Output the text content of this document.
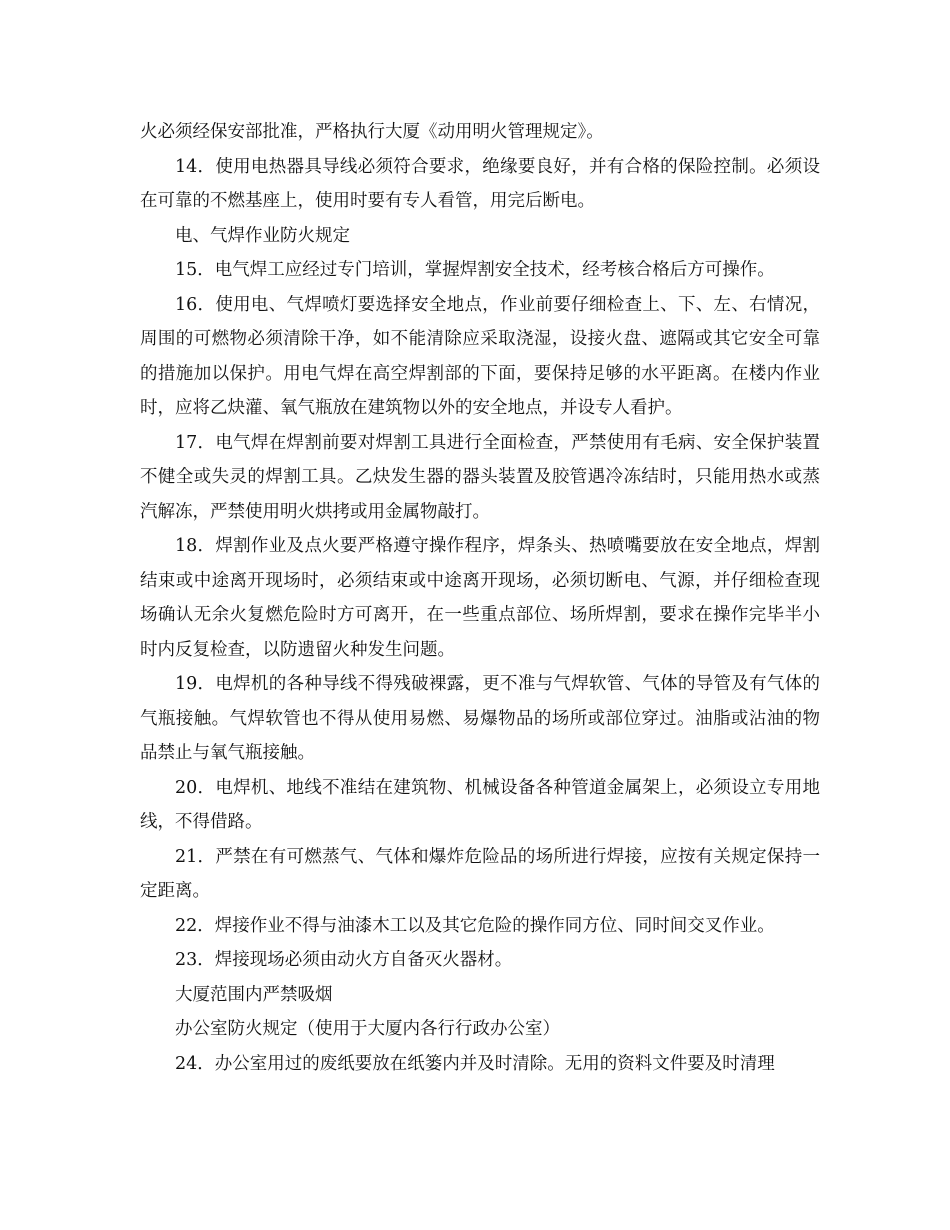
火必须经保安部批准，严格执行大厦《动用明火管理规定》。

14．使用电热器具导线必须符合要求，绝缘要良好，并有合格的保险控制。必须设在可靠的不燃基座上，使用时要有专人看管，用完后断电。

电、气焊作业防火规定

15．电气焊工应经过专门培训，掌握焊割安全技术，经考核合格后方可操作。

16．使用电、气焊喷灯要选择安全地点，作业前要仔细检查上、下、左、右情况，周围的可燃物必须清除干净，如不能清除应采取浇湿，设接火盘、遮隔或其它安全可靠的措施加以保护。用电气焊在高空焊割部的下面，要保持足够的水平距离。在楼内作业时，应将乙炔灌、氧气瓶放在建筑物以外的安全地点，并设专人看护。

17．电气焊在焊割前要对焊割工具进行全面检查，严禁使用有毛病、安全保护装置不健全或失灵的焊割工具。乙炔发生器的器头装置及胶管遇冷冻结时，只能用热水或蒸汽解冻，严禁使用明火烘拷或用金属物敲打。

18．焊割作业及点火要严格遵守操作程序，焊条头、热喷嘴要放在安全地点，焊割结束或中途离开现场时，必须结束或中途离开现场，必须切断电、气源，并仔细检查现场确认无余火复燃危险时方可离开，在一些重点部位、场所焊割，要求在操作完毕半小时内反复检查，以防遗留火种发生问题。

19．电焊机的各种导线不得残破裸露，更不准与气焊软管、气体的导管及有气体的气瓶接触。气焊软管也不得从使用易燃、易爆物品的场所或部位穿过。油脂或沾油的物品禁止与氧气瓶接触。

20．电焊机、地线不准结在建筑物、机械设备各种管道金属架上，必须设立专用地线，不得借路。

21．严禁在有可燃蒸气、气体和爆炸危险品的场所进行焊接，应按有关规定保持一定距离。

22．焊接作业不得与油漆木工以及其它危险的操作同方位、同时间交叉作业。

23．焊接现场必须由动火方自备灭火器材。

大厦范围内严禁吸烟

办公室防火规定（使用于大厦内各行行政办公室）

24．办公室用过的废纸要放在纸篓内并及时清除。无用的资料文件要及时清理
